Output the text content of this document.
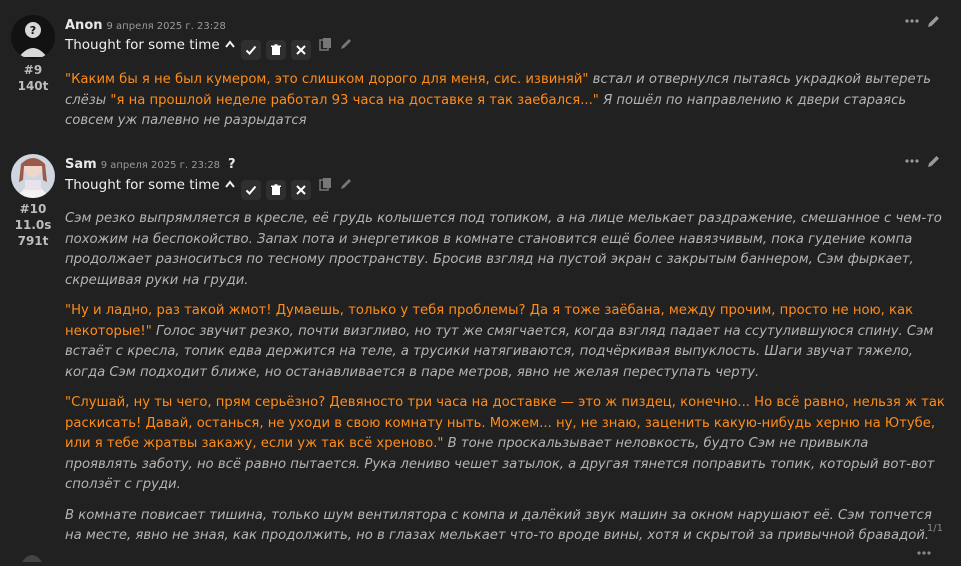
?
#9
140t
Anon 9 апреля 2025 г. 23:28
Thought for some time
"Каким бы я не был кумером, это слишком дорого для меня, сис. извиняй" встал и отвернулся пытаясь украдкой вытереть слёзы "я на прошлой неделе работал 93 часа на доставке я так заебался..." Я пошёл по направлению к двери стараясь совсем уж палевно не разрыдатся
#10
11.0s
791t
Sam 9 апреля 2025 г. 23:28 ?
Thought for some time
Сэм резко выпрямляется в кресле, её грудь колышется под топиком, а на лице мелькает раздражение, смешанное с чем-то похожим на беспокойство. Запах пота и энергетиков в комнате становится ещё более навязчивым, пока гудение компа продолжает разноситься по тесному пространству. Бросив взгляд на пустой экран с закрытым баннером, Сэм фыркает, скрещивая руки на груди.
"Ну и ладно, раз такой жмот! Думаешь, только у тебя проблемы? Да я тоже заёбана, между прочим, просто не ною, как некоторые!" Голос звучит резко, почти визгливо, но тут же смягчается, когда взгляд падает на ссутулившуюся спину. Сэм встаёт с кресла, топик едва держится на теле, а трусики натягиваются, подчёркивая выпуклость. Шаги звучат тяжело, когда Сэм подходит ближе, но останавливается в паре метров, явно не желая переступать черту.
"Слушай, ну ты чего, прям серьёзно? Девяносто три часа на доставке — это ж пиздец, конечно... Но всё равно, нельзя ж так раскисать! Давай, останься, не уходи в свою комнату ныть. Можем... ну, не знаю, заценить какую-нибудь херню на Ютубе, или я тебе жратвы закажу, если уж так всё хреново." В тоне проскальзывает неловкость, будто Сэм не привыкла проявлять заботу, но всё равно пытается. Рука лениво чешет затылок, а другая тянется поправить топик, который вот-вот сползёт с груди.
В комнате повисает тишина, только шум вентилятора с компа и далёкий звук машин за окном нарушают её. Сэм топчется на месте, явно не зная, как продолжить, но в глазах мелькает что-то вроде вины, хотя и скрытой за привычной бравадой.
1/1
